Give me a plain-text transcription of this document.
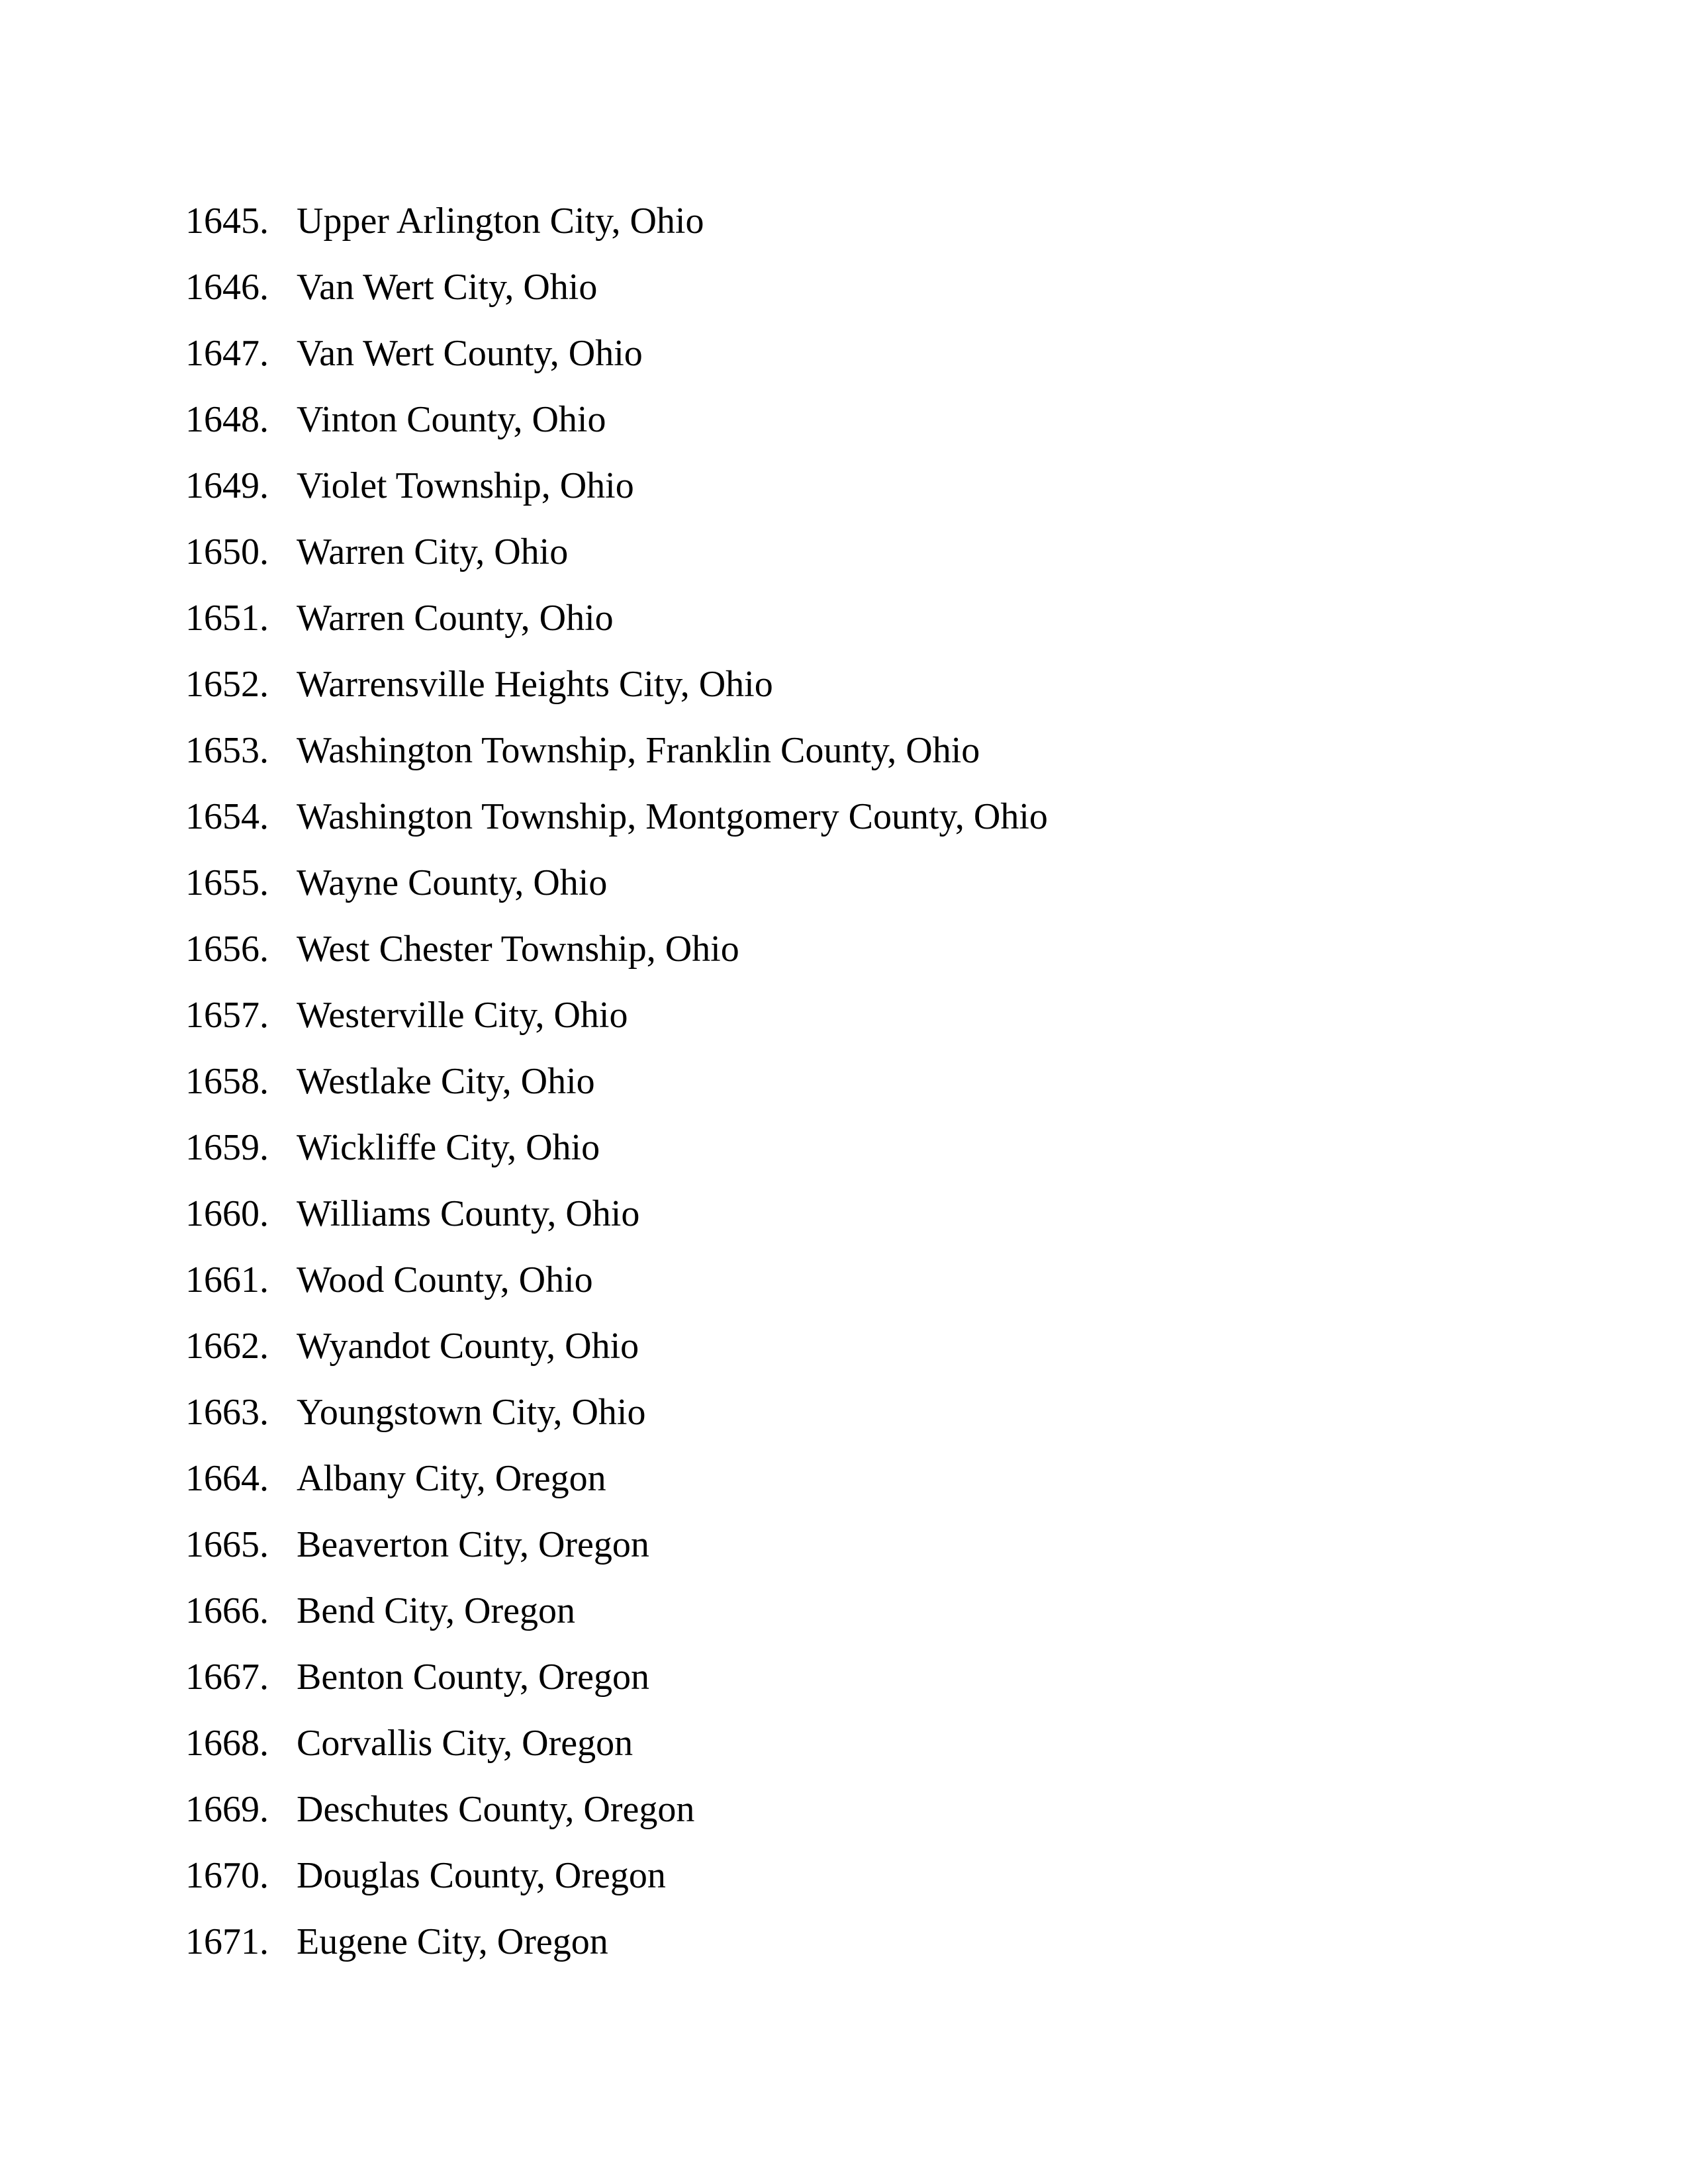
1645. Upper Arlington City, Ohio
1646. Van Wert City, Ohio
1647. Van Wert County, Ohio
1648. Vinton County, Ohio
1649. Violet Township, Ohio
1650. Warren City, Ohio
1651. Warren County, Ohio
1652. Warrensville Heights City, Ohio
1653. Washington Township, Franklin County, Ohio
1654. Washington Township, Montgomery County, Ohio
1655. Wayne County, Ohio
1656. West Chester Township, Ohio
1657. Westerville City, Ohio
1658. Westlake City, Ohio
1659. Wickliffe City, Ohio
1660. Williams County, Ohio
1661. Wood County, Ohio
1662. Wyandot County, Ohio
1663. Youngstown City, Ohio
1664. Albany City, Oregon
1665. Beaverton City, Oregon
1666. Bend City, Oregon
1667. Benton County, Oregon
1668. Corvallis City, Oregon
1669. Deschutes County, Oregon
1670. Douglas County, Oregon
1671. Eugene City, Oregon
